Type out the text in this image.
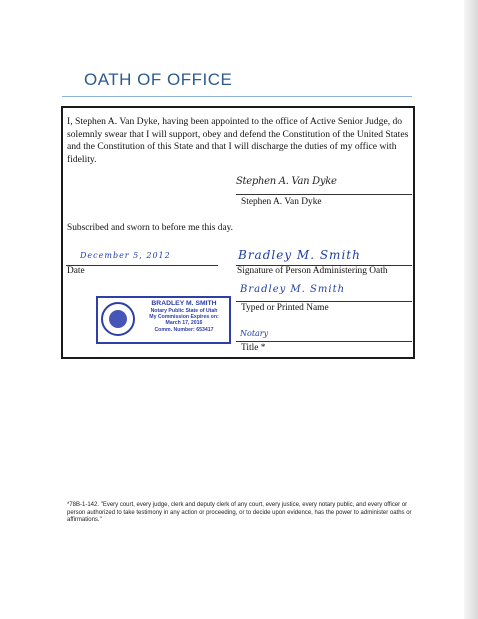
OATH OF OFFICE
I, Stephen A. Van Dyke, having been appointed to the office of Active Senior Judge, do solemnly swear that I will support, obey and defend the Constitution of the United States and the Constitution of this State and that I will discharge the duties of my office with fidelity.
Stephen A. Van Dyke
Stephen A. Van Dyke
Subscribed and sworn to before me this day.
December 5, 2012
Date
Bradley M. Smith
Signature of Person Administering Oath
Bradley M. Smith
Typed or Printed Name
Notary
Title *
BRADLEY M. SMITH
Notary Public State of Utah
My Commission Expires on:
March 17, 2016
Comm. Number: 653417
*78B-1-142. "Every court, every judge, clerk and deputy clerk of any court, every justice, every notary public, and every officer or person authorized to take testimony in any action or proceeding, or to decide upon evidence, has the power to administer oaths or affirmations."
